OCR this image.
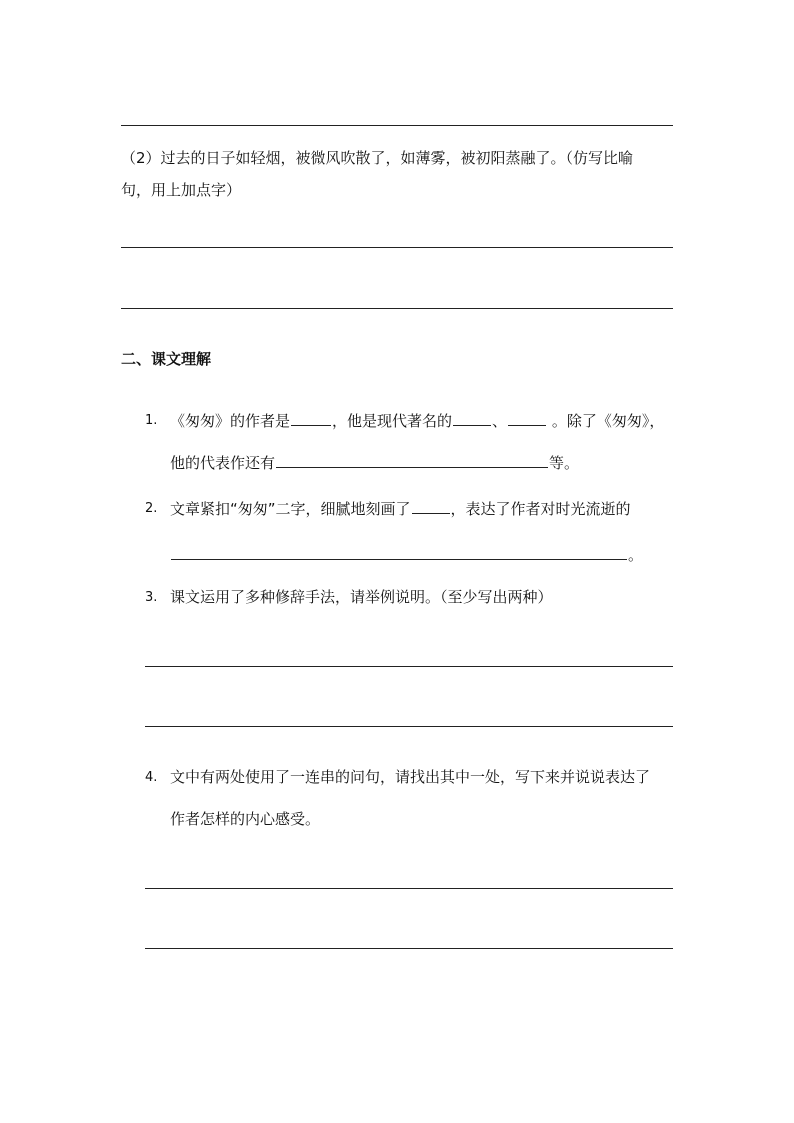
（2）过去的日子如轻烟，被微风吹散了，如薄雾，被初阳蒸融了。（仿写比喻
句，用上加点字）
二、课文理解
1. 《匆匆》的作者是	，他是现代著名的	、	。除了《匆匆》，
他的代表作还有	等。
2. 文章紧扣“匆匆”二字，细腻地刻画了	，表达了作者对时光流逝的
。
3. 课文运用了多种修辞手法，请举例说明。（至少写出两种）
4. 文中有两处使用了一连串的问句，请找出其中一处，写下来并说说表达了
作者怎样的内心感受。
